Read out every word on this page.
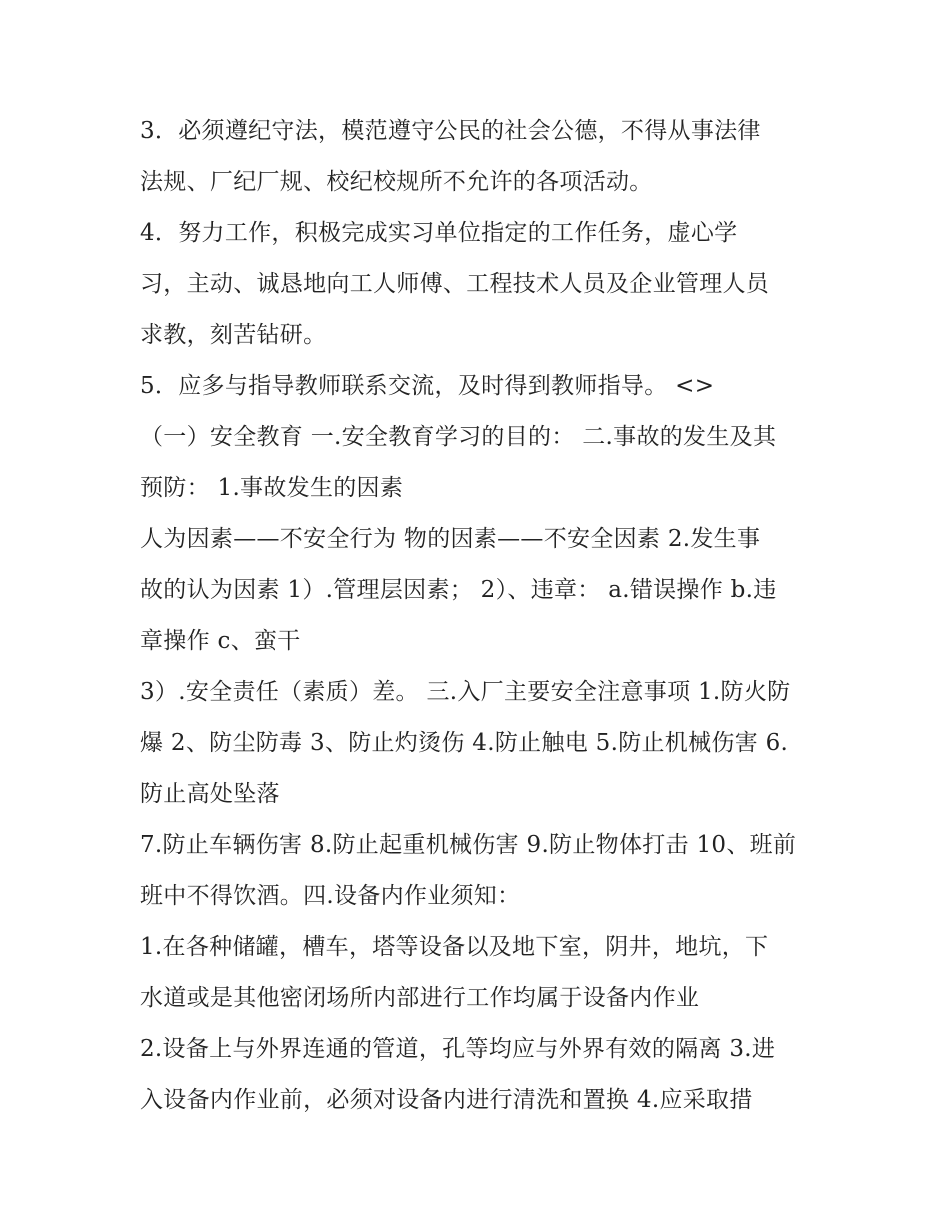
3．必须遵纪守法，模范遵守公民的社会公德，不得从事法律
法规、厂纪厂规、校纪校规所不允许的各项活动。
4．努力工作，积极完成实习单位指定的工作任务，虚心学
习，主动、诚恳地向工人师傅、工程技术人员及企业管理人员
求教，刻苦钻研。
5．应多与指导教师联系交流，及时得到教师指导。 <>
（一）安全教育 一.安全教育学习的目的： 二.事故的发生及其
预防： 1.事故发生的因素
人为因素——不安全行为 物的因素——不安全因素 2.发生事
故的认为因素 1）.管理层因素； 2）、违章： a.错误操作 b.违
章操作 c、蛮干
3）.安全责任（素质）差。 三.入厂主要安全注意事项 1.防火防
爆 2、防尘防毒 3、防止灼烫伤 4.防止触电 5.防止机械伤害 6.
防止高处坠落
7.防止车辆伤害 8.防止起重机械伤害 9.防止物体打击 10、班前
班中不得饮酒。四.设备内作业须知：
1.在各种储罐，槽车，塔等设备以及地下室，阴井，地坑，下
水道或是其他密闭场所内部进行工作均属于设备内作业
2.设备上与外界连通的管道，孔等均应与外界有效的隔离 3.进
入设备内作业前，必须对设备内进行清洗和置换 4.应采取措
